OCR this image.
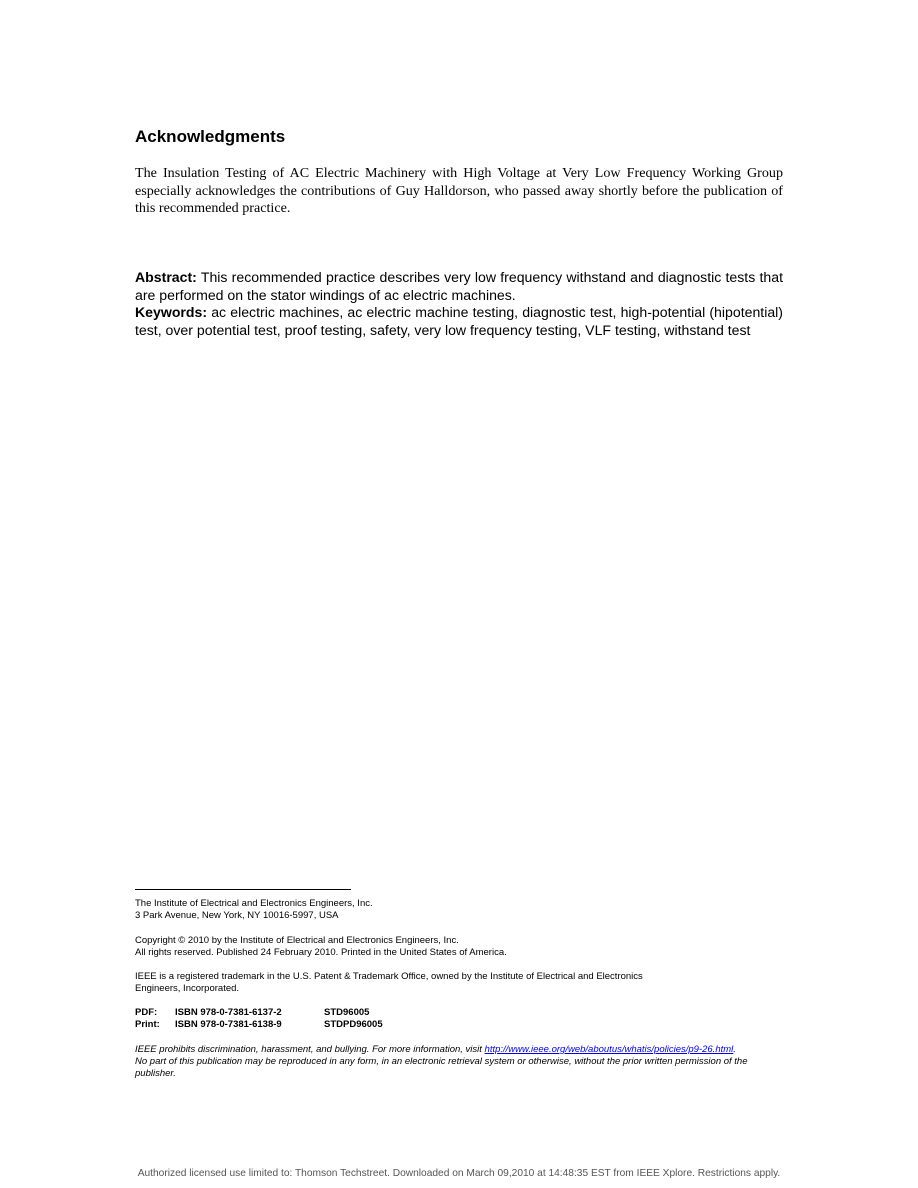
Acknowledgments

The Insulation Testing of AC Electric Machinery with High Voltage at Very Low Frequency Working Group especially acknowledges the contributions of Guy Halldorson, who passed away shortly before the publication of this recommended practice.

Abstract: This recommended practice describes very low frequency withstand and diagnostic tests that are performed on the stator windings of ac electric machines.

Keywords: ac electric machines, ac electric machine testing, diagnostic test, high-potential (hipotential) test, over potential test, proof testing, safety, very low frequency testing, VLF testing, withstand test

The Institute of Electrical and Electronics Engineers, Inc.

3 Park Avenue, New York, NY 10016-5997, USA

Copyright © 2010 by the Institute of Electrical and Electronics Engineers, Inc.

All rights reserved. Published 24 February 2010. Printed in the United States of America.

IEEE is a registered trademark in the U.S. Patent & Trademark Office, owned by the Institute of Electrical and Electronics

Engineers, Incorporated.

PDF:	ISBN 978-0-7381-6137-2	STD96005
Print:	ISBN 978-0-7381-6138-9	STDPD96005

IEEE prohibits discrimination, harassment, and bullying. For more information, visit http://www.ieee.org/web/aboutus/whatis/policies/p9-26.html.

No part of this publication may be reproduced in any form, in an electronic retrieval system or otherwise, without the prior written permission of the publisher.

Authorized licensed use limited to: Thomson Techstreet. Downloaded on March 09,2010 at 14:48:35 EST from IEEE Xplore. Restrictions apply.
